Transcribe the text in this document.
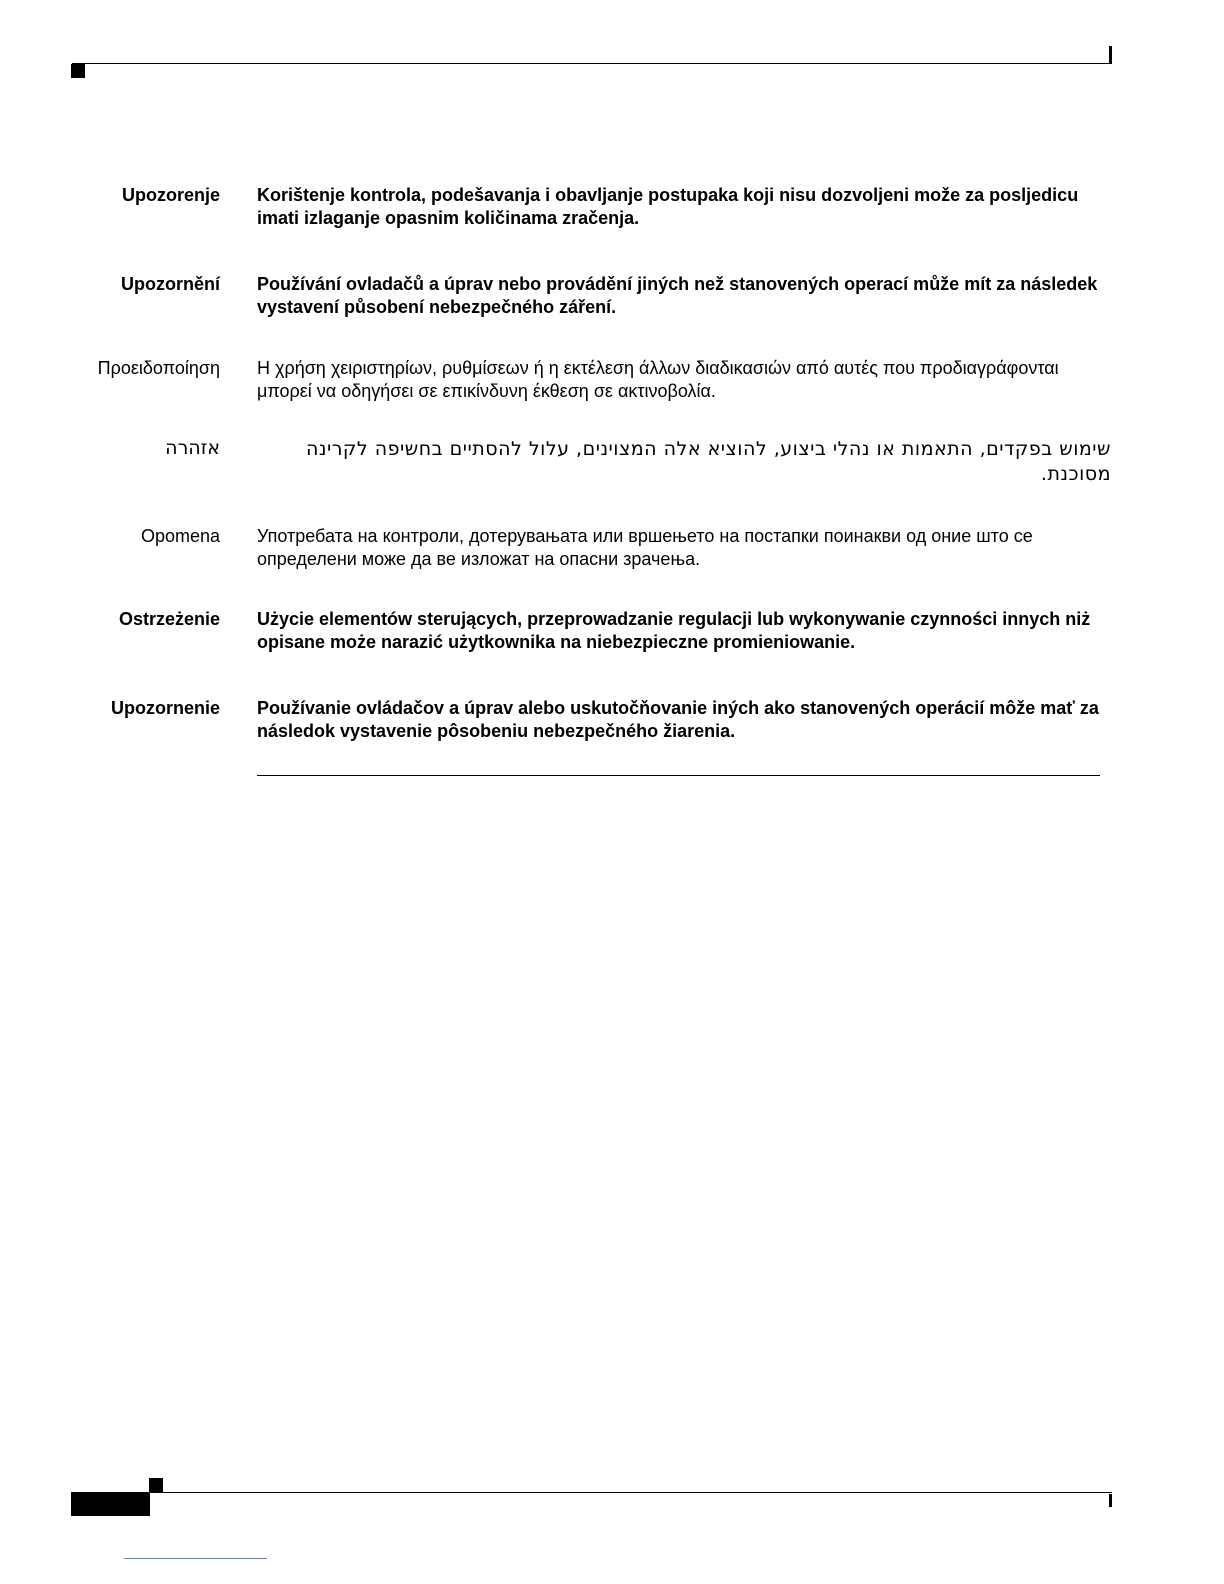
Upozorenje Korištenje kontrola, podešavanja i obavljanje postupaka koji nisu dozvoljeni može za posljedicu imati izlaganje opasnim količinama zračenja.
Upozornění Používání ovladačů a úprav nebo provádění jiných než stanovených operací může mít za následek vystavení působení nebezpečného záření.
Προειδοποίηση Η χρήση χειριστηρίων, ρυθμίσεων ή η εκτέλεση άλλων διαδικασιών από αυτές που προδιαγράφονται μπορεί να οδηγήσει σε επικίνδυνη έκθεση σε ακτινοβολία.
אזהרה	שימוש בפקדים, התאמות או נהלי ביצוע, להוציא אלה המצוינים, עלול להסתיים בחשיפה לקרינה מסוכנת.
Opomena Употребата на контроли, дотерувањата или вршењето на постапки поинакви од оние што се определени може да ве изложат на опасни зрачења.
Ostrzeżenie Użycie elementów sterujących, przeprowadzanie regulacji lub wykonywanie czynności innych niż opisane może narazić użytkownika na niebezpieczne promieniowanie.
Upozornenie Používanie ovládačov a úprav alebo uskutočňovanie iných ako stanovených operácií môže mať za následok vystavenie pôsobeniu nebezpečného žiarenia.
